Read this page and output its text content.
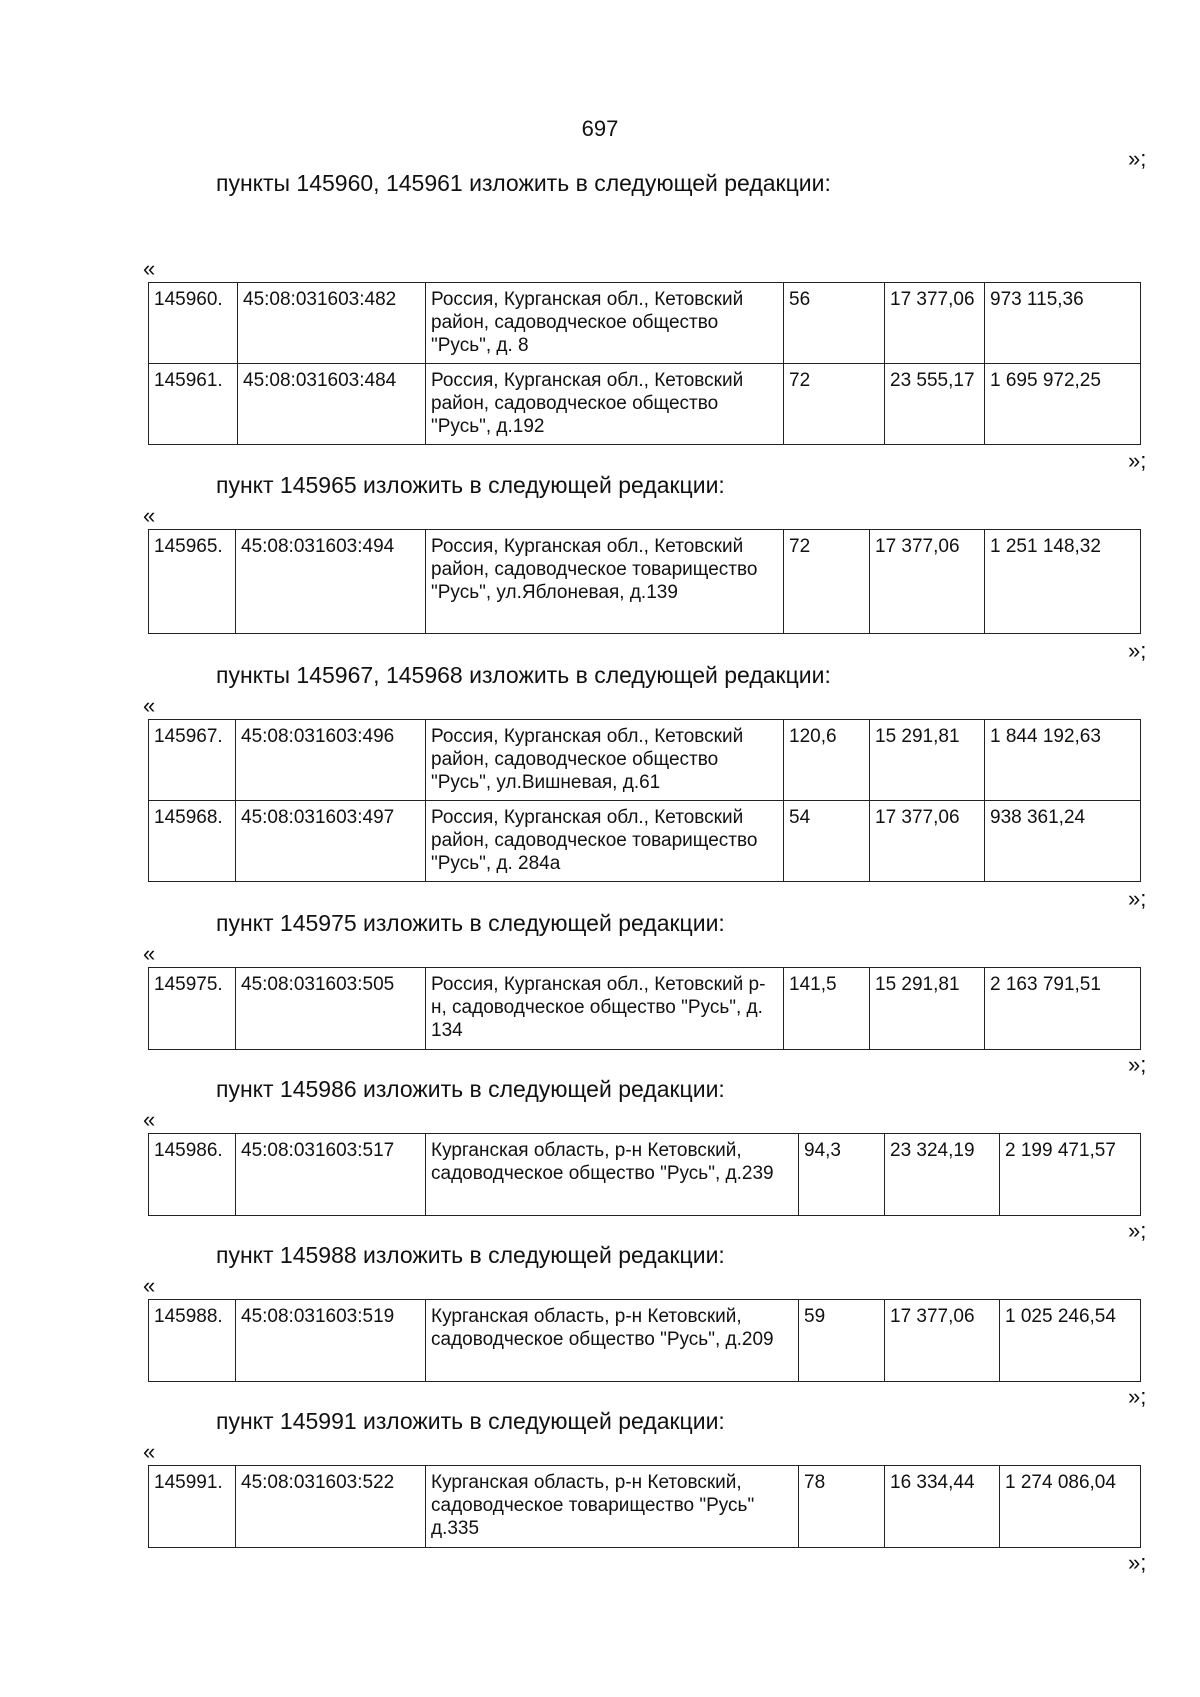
697
»;
пункты 145960, 145961 изложить в следующей редакции:
«
145960.	45:08:031603:482	Россия, Курганская обл., Кетовский район, садоводческое общество "Русь", д. 8	56	17 377,06	973 115,36
145961.	45:08:031603:484	Россия, Курганская обл., Кетовский район, садоводческое общество "Русь", д.192	72	23 555,17	1 695 972,25
»;
пункт 145965 изложить в следующей редакции:
«
145965.	45:08:031603:494	Россия, Курганская обл., Кетовский район, садоводческое товарищество "Русь", ул.Яблоневая, д.139	72	17 377,06	1 251 148,32
»;
пункты 145967, 145968 изложить в следующей редакции:
«
145967.	45:08:031603:496	Россия, Курганская обл., Кетовский район, садоводческое общество "Русь", ул.Вишневая, д.61	120,6	15 291,81	1 844 192,63
145968.	45:08:031603:497	Россия, Курганская обл., Кетовский район, садоводческое товарищество "Русь", д. 284а	54	17 377,06	938 361,24
»;
пункт 145975 изложить в следующей редакции:
«
145975.	45:08:031603:505	Россия, Курганская обл., Кетовский р-н, садоводческое общество "Русь", д. 134	141,5	15 291,81	2 163 791,51
»;
пункт 145986 изложить в следующей редакции:
«
145986.	45:08:031603:517	Курганская область, р-н Кетовский, садоводческое общество "Русь", д.239	94,3	23 324,19	2 199 471,57
»;
пункт 145988 изложить в следующей редакции:
«
145988.	45:08:031603:519	Курганская область, р-н Кетовский, садоводческое общество "Русь", д.209	59	17 377,06	1 025 246,54
»;
пункт 145991 изложить в следующей редакции:
«
145991.	45:08:031603:522	Курганская область, р-н Кетовский, садоводческое товарищество "Русь" д.335	78	16 334,44	1 274 086,04
»;
